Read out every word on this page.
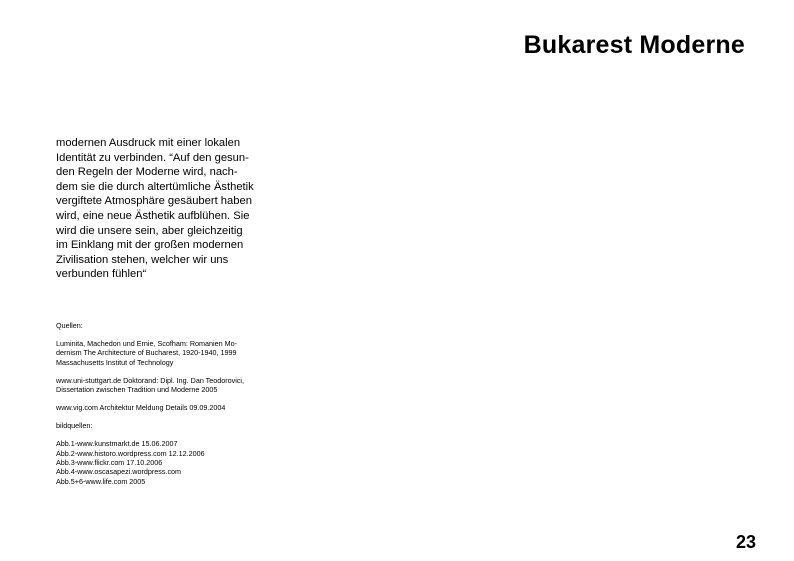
Bukarest Moderne
modernen Ausdruck mit einer lokalen
Identität zu verbinden. “Auf den gesun-
den Regeln der Moderne wird, nach-
dem sie die durch altertümliche Ästhetik
vergiftete Atmosphäre gesäubert haben
wird, eine neue Ästhetik aufblühen. Sie
wird die unsere sein, aber gleichzeitig
im Einklang mit der großen modernen
Zivilisation stehen, welcher wir uns
verbunden fühlen“
Quellen:
Luminita, Machedon und Ernie, Scofham: Romanien Mo-
dernism The Architecture of Bucharest, 1920-1940, 1999
Massachusetts Institut of Technology
www.uni-stuttgart.de Doktorand: Dipl. Ing. Dan Teodorovici,
Dissertation zwischen Tradition und Moderne 2005
www.vig.com Architektur Meldung Details 09.09.2004
bildquellen:
Abb.1-www.kunstmarkt.de 15.06.2007
Abb.2-www.historo.wordpress.com 12.12.2006
Abb.3-www.flickr.com 17.10.2006
Abb.4-www.oscasapezi.wordpress.com
Abb.5+6-www.life.com 2005
23
